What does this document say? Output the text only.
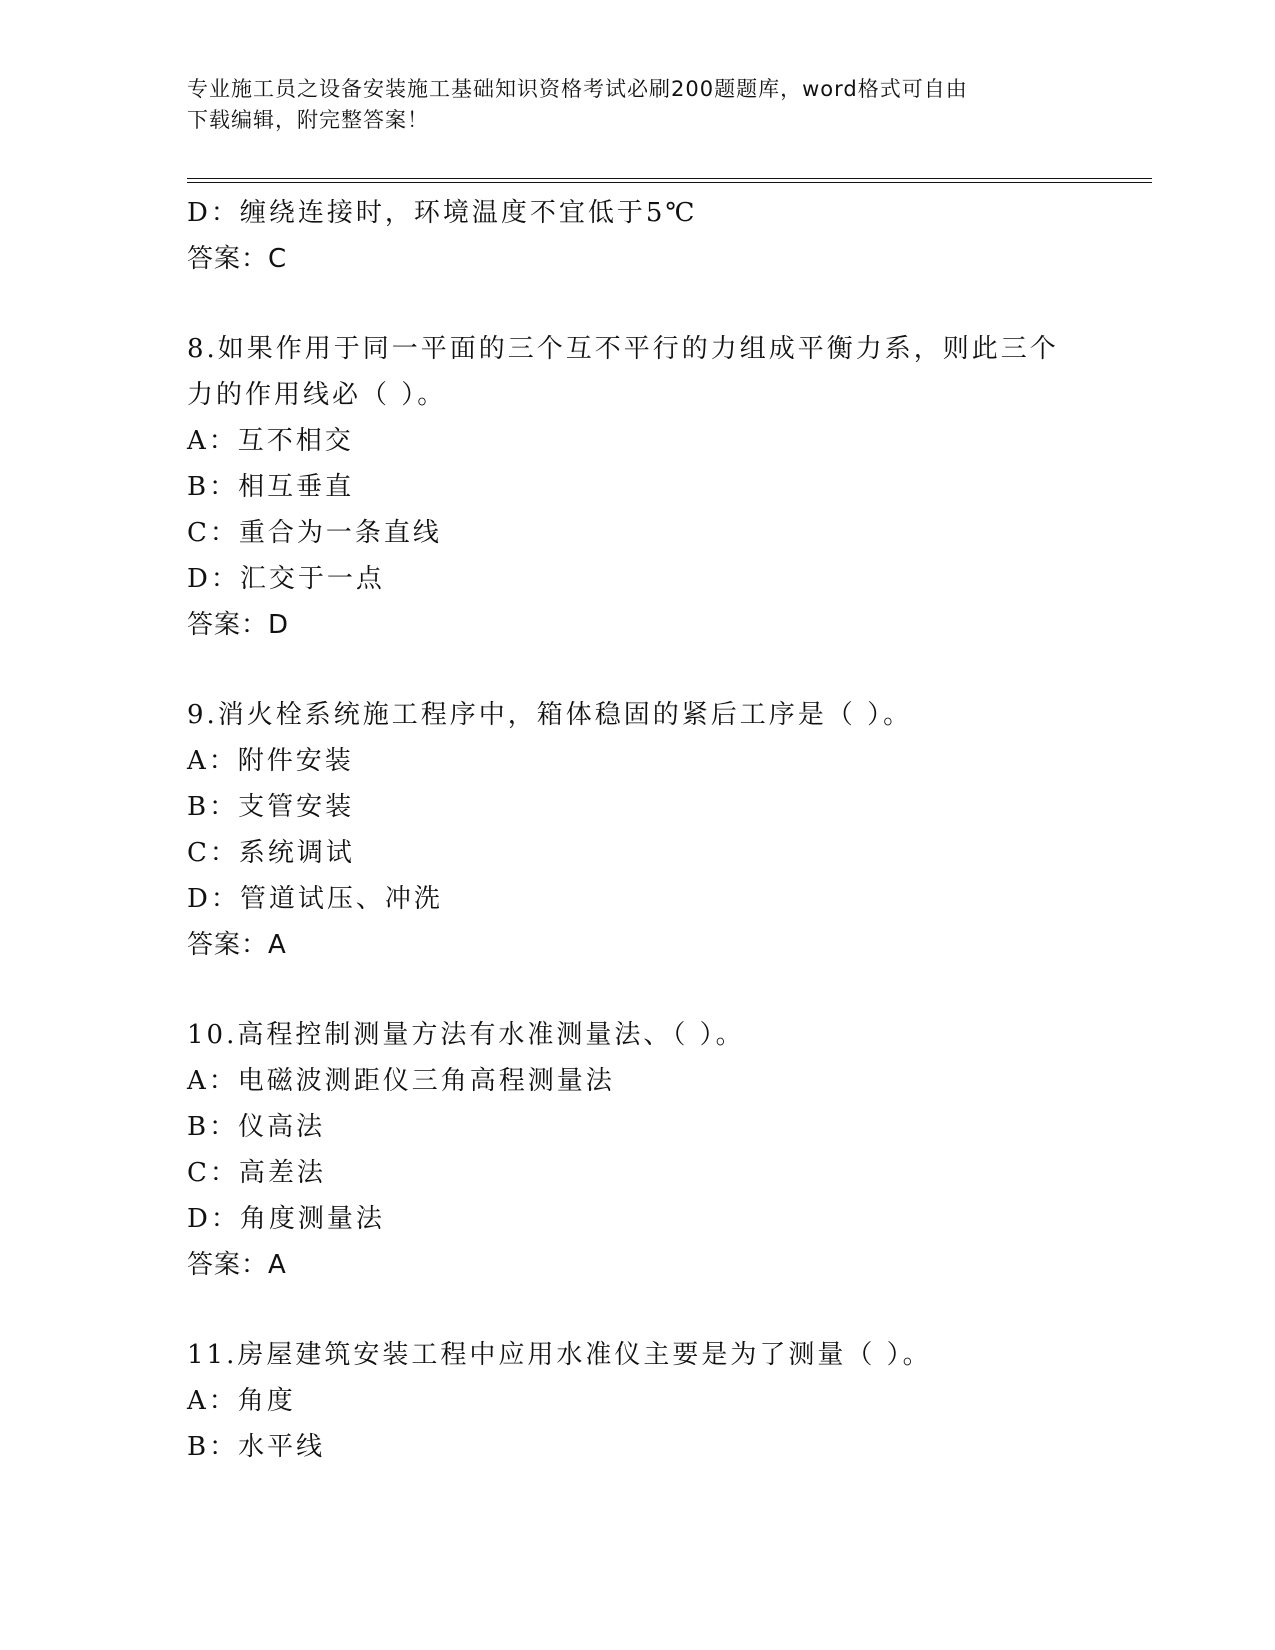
专业施工员之设备安装施工基础知识资格考试必刷200题题库，word格式可自由
下载编辑，附完整答案！
D：缠绕连接时，环境温度不宜低于5℃
答案：C
8.如果作用于同一平面的三个互不平行的力组成平衡力系，则此三个
力的作用线必（ ）。
A：互不相交
B：相互垂直
C：重合为一条直线
D：汇交于一点
答案：D
9.消火栓系统施工程序中，箱体稳固的紧后工序是（ ）。
A：附件安装
B：支管安装
C：系统调试
D：管道试压、冲洗
答案：A
10.高程控制测量方法有水准测量法、（ ）。
A：电磁波测距仪三角高程测量法
B：仪高法
C：高差法
D：角度测量法
答案：A
11.房屋建筑安装工程中应用水准仪主要是为了测量（ ）。
A：角度
B：水平线
